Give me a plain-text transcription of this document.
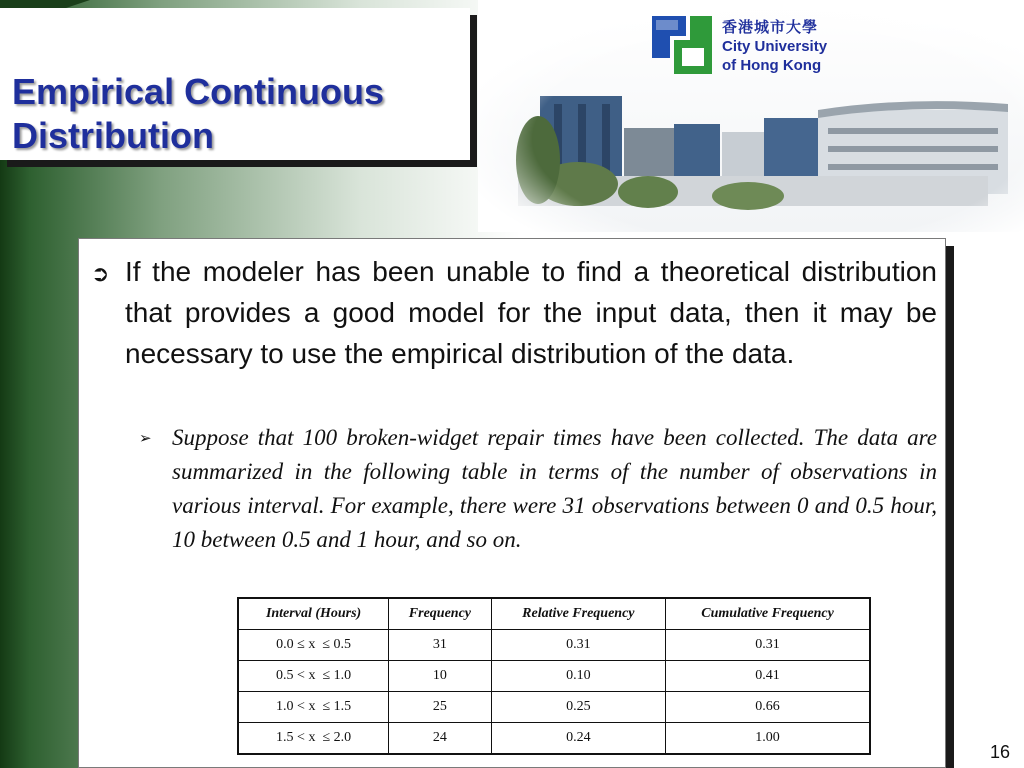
Empirical Continuous
Distribution
香港城市大學
City University
of Hong Kong
➲ If the modeler has been unable to find a theoretical distribution that provides a good model for the input data, then it may be necessary to use the empirical distribution of the data.

➢ Suppose that 100 broken-widget repair times have been collected. The data are summarized in the following table in terms of the number of observations in various interval. For example, there were 31 observations between 0 and 0.5 hour, 10 between 0.5 and 1 hour, and so on.

Interval (Hours)	Frequency	Relative Frequency	Cumulative Frequency
0.0 ≤ x  ≤ 0.5	31	0.31	0.31
0.5 < x  ≤ 1.0	10	0.10	0.41
1.0 < x  ≤ 1.5	25	0.25	0.66
1.5 < x  ≤ 2.0	24	0.24	1.00
16
